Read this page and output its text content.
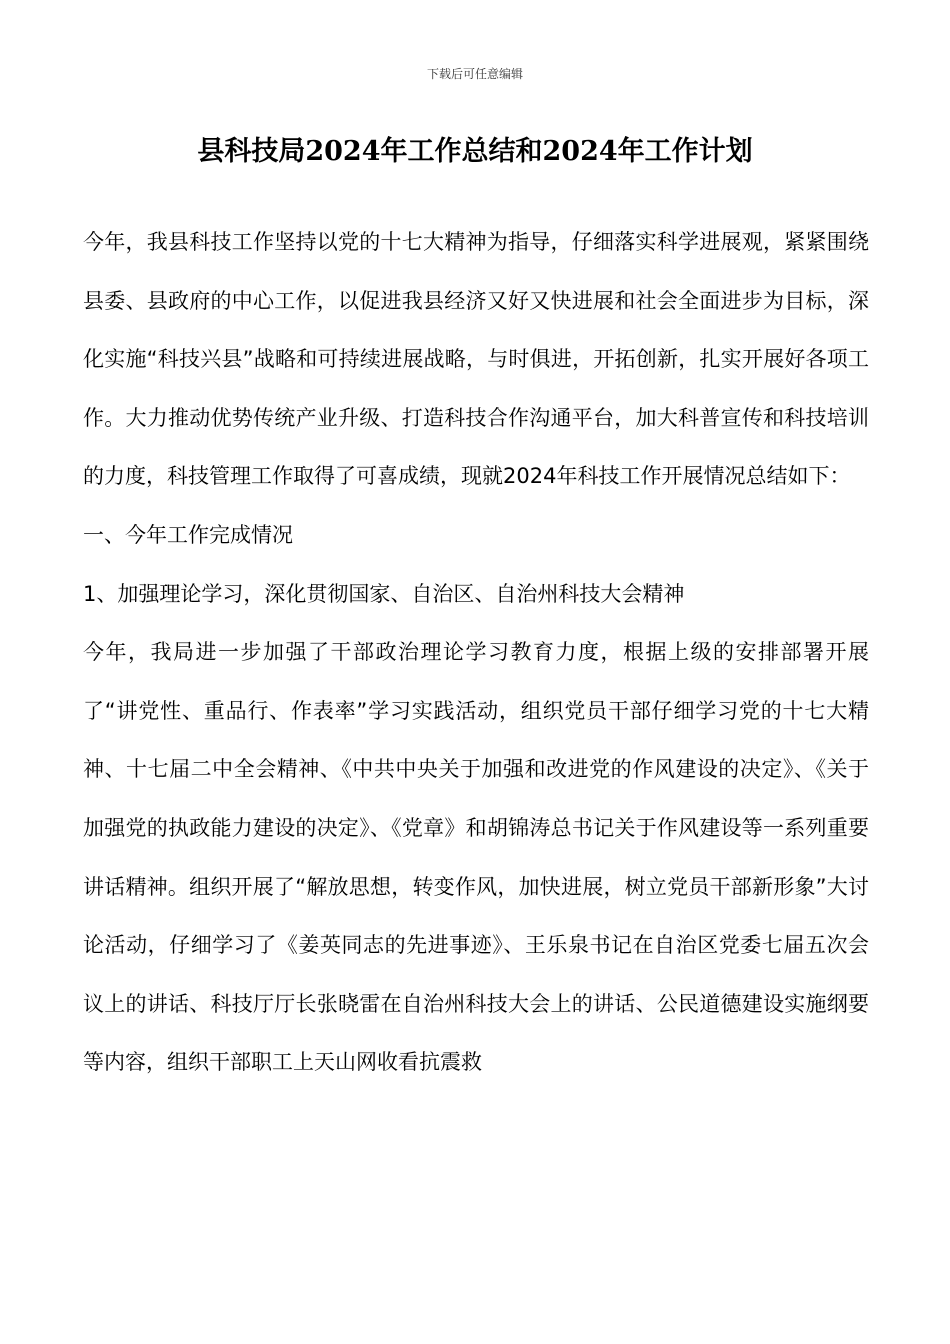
下载后可任意编辑
县科技局2024年工作总结和2024年工作计划

今年，我县科技工作坚持以党的十七大精神为指导，仔细落实科学进展观，紧紧围绕县委、县政府的中心工作，以促进我县经济又好又快进展和社会全面进步为目标，深化实施“科技兴县”战略和可持续进展战略，与时俱进，开拓创新，扎实开展好各项工作。大力推动优势传统产业升级、打造科技合作沟通平台，加大科普宣传和科技培训的力度，科技管理工作取得了可喜成绩，现就2024年科技工作开展情况总结如下：

一、今年工作完成情况

1、加强理论学习，深化贯彻国家、自治区、自治州科技大会精神

今年，我局进一步加强了干部政治理论学习教育力度，根据上级的安排部署开展了“讲党性、重品行、作表率”学习实践活动，组织党员干部仔细学习党的十七大精神、十七届二中全会精神、《中共中央关于加强和改进党的作风建设的决定》、《关于加强党的执政能力建设的决定》、《党章》和胡锦涛总书记关于作风建设等一系列重要讲话精神。组织开展了“解放思想，转变作风，加快进展，树立党员干部新形象”大讨论活动，仔细学习了《姜英同志的先进事迹》、王乐泉书记在自治区党委七届五次会议上的讲话、科技厅厅长张晓雷在自治州科技大会上的讲话、公民道德建设实施纲要等内容，组织干部职工上天山网收看抗震救
